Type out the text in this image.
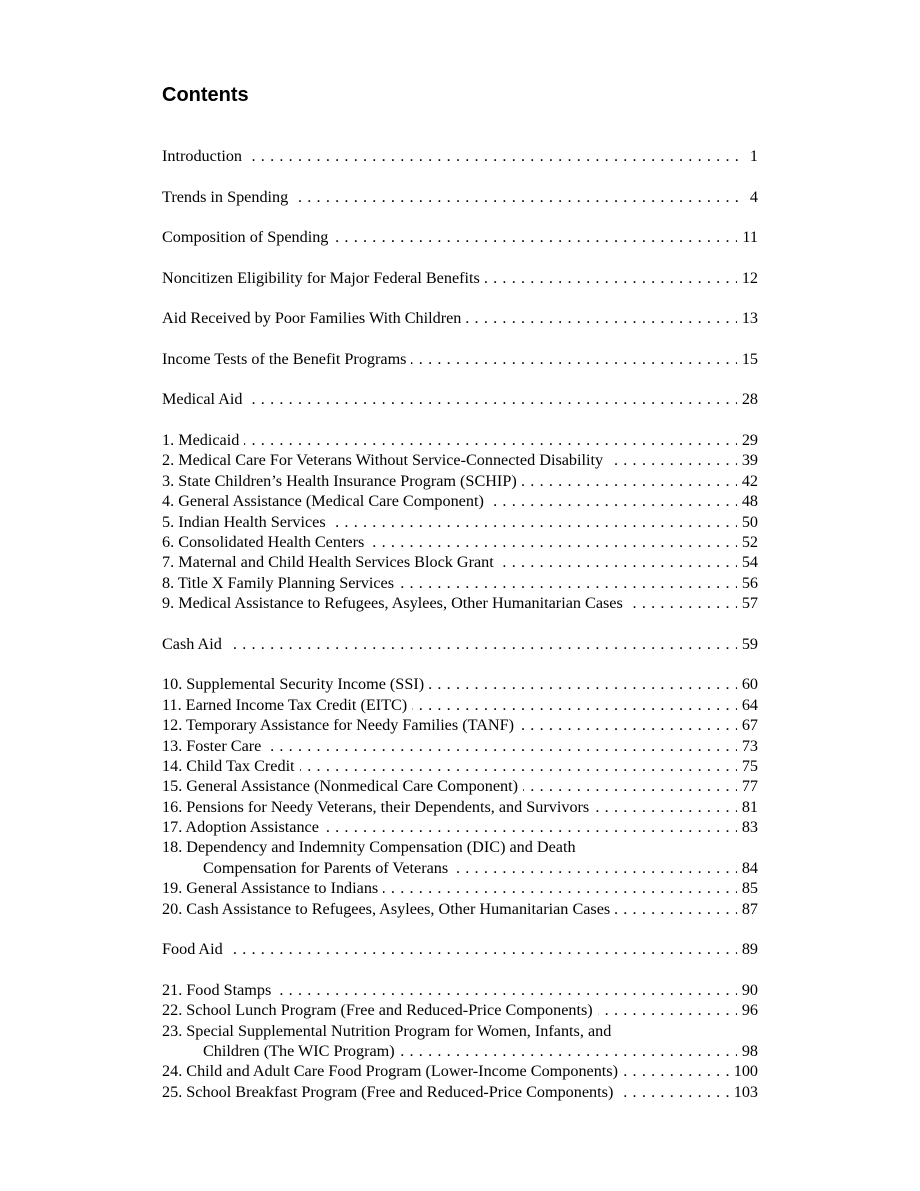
Contents
. . . Introduction	1
. . . Trends in Spending	4
. . . Composition of Spending	11
. . . Noncitizen Eligibility for Major Federal Benefits	12
. . . Aid Received by Poor Families With Children	13
. . . Income Tests of the Benefit Programs	15
. . . Medical Aid	28
. . . 1. Medicaid	29
. . . 2. Medical Care For Veterans Without Service-Connected Disability	39
. . . 3. State Children’s Health Insurance Program (SCHIP)	42
. . . 4. General Assistance (Medical Care Component)	48
. . . 5. Indian Health Services	50
. . . 6. Consolidated Health Centers	52
. . . 7. Maternal and Child Health Services Block Grant	54
. . . 8. Title X Family Planning Services	56
. . . 9. Medical Assistance to Refugees, Asylees, Other Humanitarian Cases	57
. . . Cash Aid	59
. . . 10. Supplemental Security Income (SSI)	60
. . . 11. Earned Income Tax Credit (EITC)	64
. . . 12. Temporary Assistance for Needy Families (TANF)	67
. . . 13. Foster Care	73
. . . 14. Child Tax Credit	75
. . . 15. General Assistance (Nonmedical Care Component)	77
. . . 16. Pensions for Needy Veterans, their Dependents, and Survivors	81
. . . 17. Adoption Assistance	83
18. Dependency and Indemnity Compensation (DIC) and Death
. . . Compensation for Parents of Veterans	84
. . . 19. General Assistance to Indians	85
. . . 20. Cash Assistance to Refugees, Asylees, Other Humanitarian Cases	87
. . . Food Aid	89
. . . 21. Food Stamps	90
. . . 22. School Lunch Program (Free and Reduced-Price Components)	96
23. Special Supplemental Nutrition Program for Women, Infants, and
. . . Children (The WIC Program)	98
. . . 24. Child and Adult Care Food Program (Lower-Income Components)	100
. . . 25. School Breakfast Program (Free and Reduced-Price Components)	103
